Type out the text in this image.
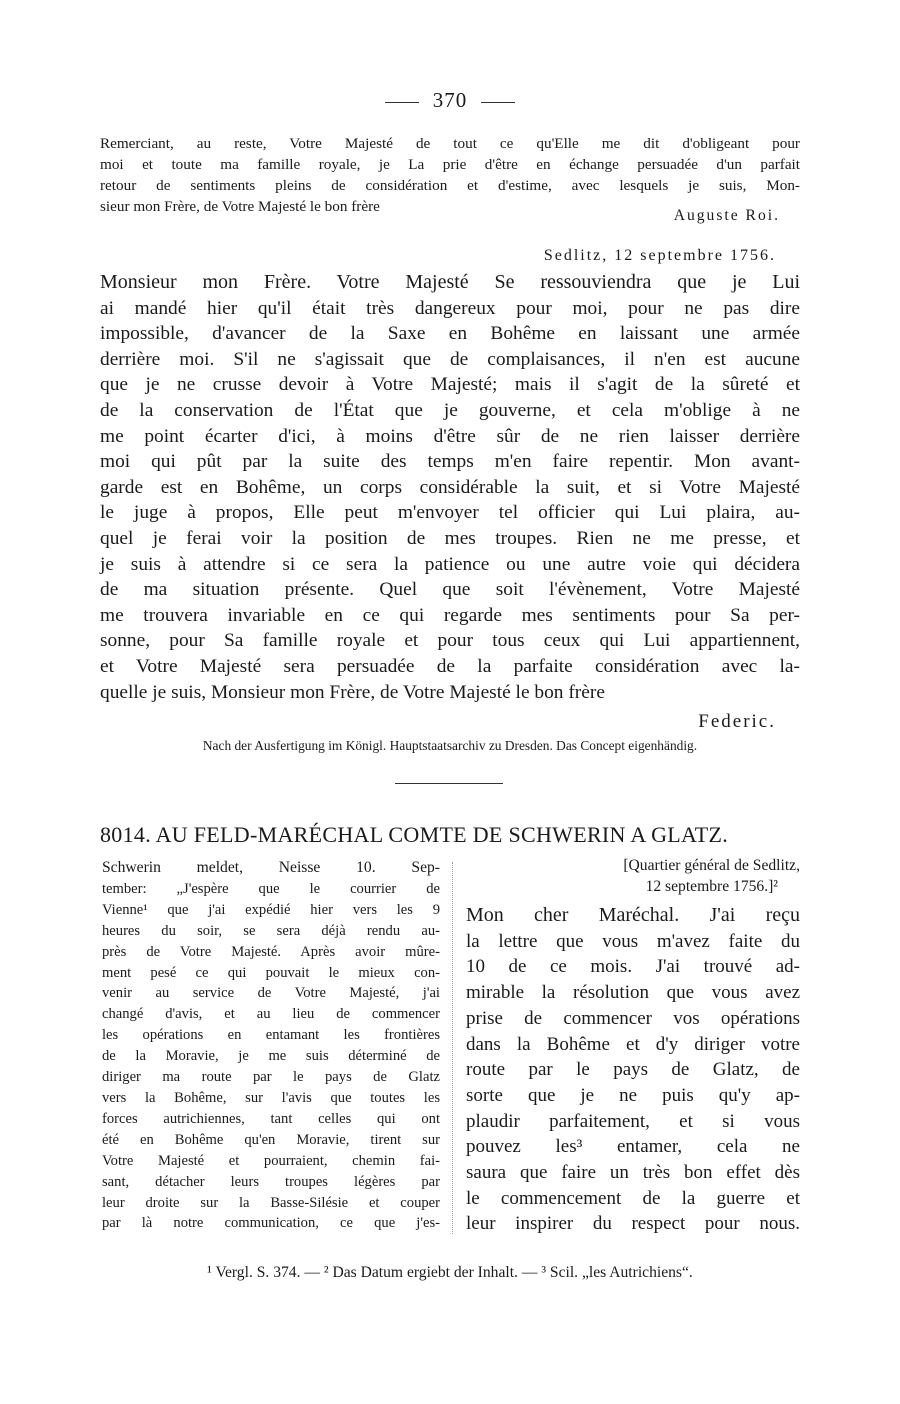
370
Remerciant, au reste, Votre Majesté de tout ce qu'Elle me dit d'obligeant pour
moi et toute ma famille royale, je La prie d'être en échange persuadée d'un parfait
retour de sentiments pleins de considération et d'estime, avec lesquels je suis, Mon-
sieur mon Frère, de Votre Majesté le bon frère
Auguste Roi.
Sedlitz, 12 septembre 1756.
Monsieur mon Frère. Votre Majesté Se ressouviendra que je Lui
ai mandé hier qu'il était très dangereux pour moi, pour ne pas dire
impossible, d'avancer de la Saxe en Bohême en laissant une armée
derrière moi. S'il ne s'agissait que de complaisances, il n'en est aucune
que je ne crusse devoir à Votre Majesté; mais il s'agit de la sûreté et
de la conservation de l'État que je gouverne, et cela m'oblige à ne
me point écarter d'ici, à moins d'être sûr de ne rien laisser derrière
moi qui pût par la suite des temps m'en faire repentir. Mon avant-
garde est en Bohême, un corps considérable la suit, et si Votre Majesté
le juge à propos, Elle peut m'envoyer tel officier qui Lui plaira, au-
quel je ferai voir la position de mes troupes. Rien ne me presse, et
je suis à attendre si ce sera la patience ou une autre voie qui décidera
de ma situation présente. Quel que soit l'évènement, Votre Majesté
me trouvera invariable en ce qui regarde mes sentiments pour Sa per-
sonne, pour Sa famille royale et pour tous ceux qui Lui appartiennent,
et Votre Majesté sera persuadée de la parfaite considération avec la-
quelle je suis, Monsieur mon Frère, de Votre Majesté le bon frère
Federic.
Nach der Ausfertigung im Königl. Hauptstaatsarchiv zu Dresden. Das Concept eigenhändig.
8014. AU FELD-MARÉCHAL COMTE DE SCHWERIN A GLATZ.
Schwerin meldet, Neisse 10. Sep-
tember: „J'espère que le courrier de
Vienne¹ que j'ai expédié hier vers les 9
heures du soir, se sera déjà rendu au-
près de Votre Majesté. Après avoir mûre-
ment pesé ce qui pouvait le mieux con-
venir au service de Votre Majesté, j'ai
changé d'avis, et au lieu de commencer
les opérations en entamant les frontières
de la Moravie, je me suis déterminé de
diriger ma route par le pays de Glatz
vers la Bohême, sur l'avis que toutes les
forces autrichiennes, tant celles qui ont
été en Bohême qu'en Moravie, tirent sur
Votre Majesté et pourraient, chemin fai-
sant, détacher leurs troupes légères par
leur droite sur la Basse-Silésie et couper
par là notre communication, ce que j'es-
[Quartier général de Sedlitz,
12 septembre 1756.]²
Mon cher Maréchal. J'ai reçu
la lettre que vous m'avez faite du
10 de ce mois. J'ai trouvé ad-
mirable la résolution que vous avez
prise de commencer vos opérations
dans la Bohême et d'y diriger votre
route par le pays de Glatz, de
sorte que je ne puis qu'y ap-
plaudir parfaitement, et si vous
pouvez les³ entamer, cela ne
saura que faire un très bon effet dès
le commencement de la guerre et
leur inspirer du respect pour nous.
¹ Vergl. S. 374. — ² Das Datum ergiebt der Inhalt. — ³ Scil. „les Autrichiens“.
